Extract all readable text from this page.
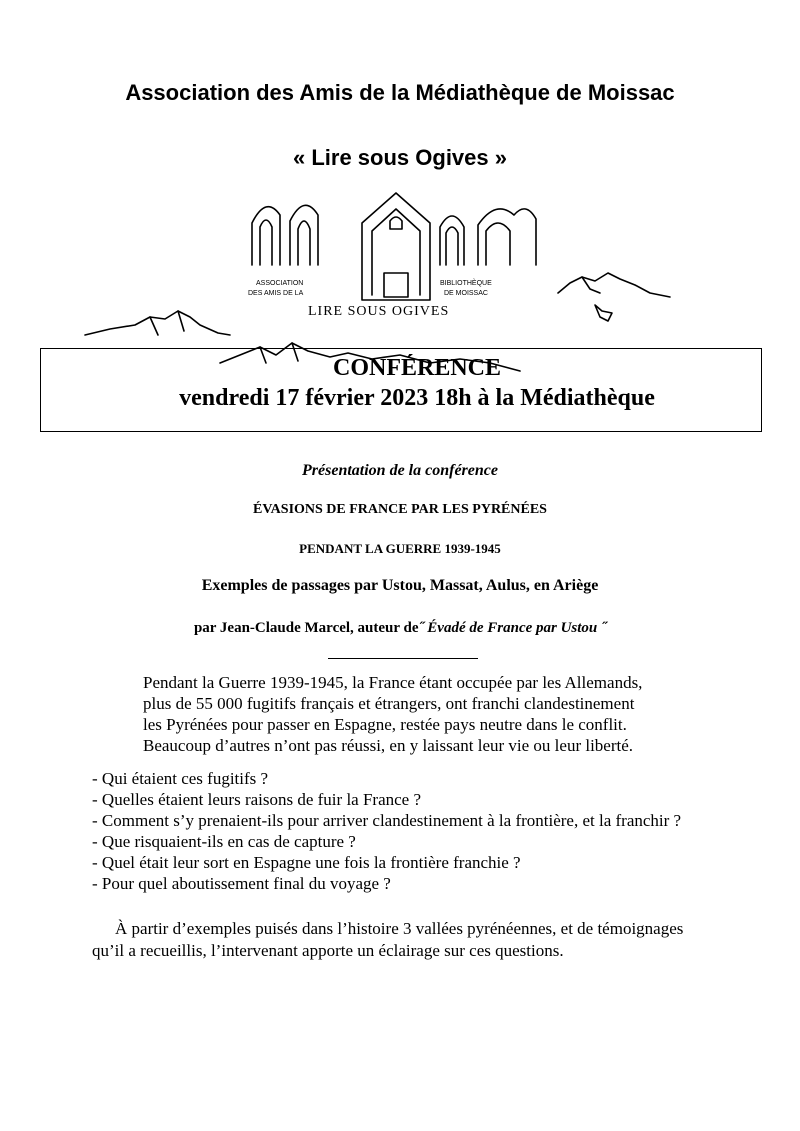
Association des Amis de la Médiathèque de Moissac
« Lire sous Ogives »
ASSOCIATION
DES AMIS DE LA
BIBLIOTHÈQUE
DE MOISSAC
LIRE SOUS OGIVES
CONFÉRENCE
vendredi 17 février 2023 18h à la Médiathèque
Présentation de la conférence
ÉVASIONS DE FRANCE PAR LES PYRÉNÉES
PENDANT LA GUERRE 1939-1945
Exemples de passages par Ustou, Massat, Aulus, en Ariège
par Jean-Claude Marcel, auteur de˝ Évadé de France par Ustou ˝
Pendant la Guerre 1939-1945, la France étant occupée par les Allemands,
plus de 55 000 fugitifs français et étrangers, ont franchi clandestinement
les Pyrénées pour passer en Espagne, restée pays neutre dans le conflit.
Beaucoup d’autres n’ont pas réussi, en y laissant leur vie ou leur liberté.
- Qui étaient ces fugitifs ?
- Quelles étaient leurs raisons de fuir la France ?
- Comment s’y prenaient-ils pour arriver clandestinement à la frontière, et la franchir ?
- Que risquaient-ils en cas de capture ?
- Quel était leur sort en Espagne une fois la frontière franchie ?
- Pour quel aboutissement final du voyage ?
À partir d’exemples puisés dans l’histoire 3 vallées pyrénéennes, et de témoignages
qu’il a recueillis, l’intervenant apporte un éclairage sur ces questions.
